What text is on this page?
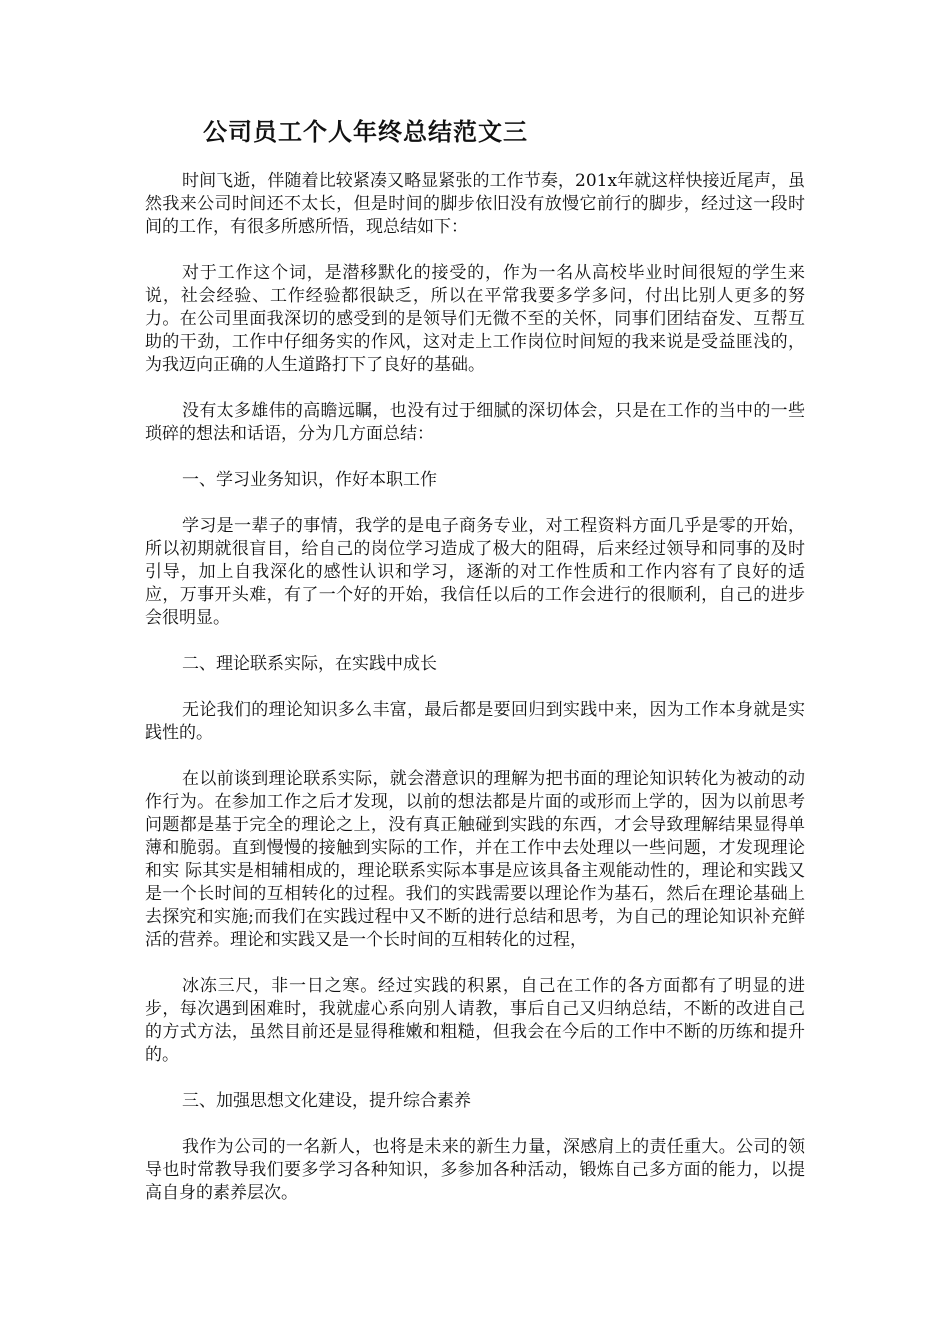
公司员工个人年终总结范文三

时间飞逝，伴随着比较紧凑又略显紧张的工作节奏，201x年就这样快接近尾声，虽然我来公司时间还不太长，但是时间的脚步依旧没有放慢它前行的脚步，经过这一段时间的工作，有很多所感所悟，现总结如下：

对于工作这个词，是潜移默化的接受的，作为一名从高校毕业时间很短的学生来说，社会经验、工作经验都很缺乏，所以在平常我要多学多问，付出比别人更多的努力。在公司里面我深切的感受到的是领导们无微不至的关怀，同事们团结奋发、互帮互助的干劲，工作中仔细务实的作风，这对走上工作岗位时间短的我来说是受益匪浅的，为我迈向正确的人生道路打下了良好的基础。

没有太多雄伟的高瞻远瞩，也没有过于细腻的深切体会，只是在工作的当中的一些琐碎的想法和话语，分为几方面总结：

一、学习业务知识，作好本职工作

学习是一辈子的事情，我学的是电子商务专业，对工程资料方面几乎是零的开始，所以初期就很盲目，给自己的岗位学习造成了极大的阻碍，后来经过领导和同事的及时引导，加上自我深化的感性认识和学习，逐渐的对工作性质和工作内容有了良好的适应，万事开头难，有了一个好的开始，我信任以后的工作会进行的很顺利，自己的进步会很明显。

二、理论联系实际，在实践中成长

无论我们的理论知识多么丰富，最后都是要回归到实践中来，因为工作本身就是实践性的。

在以前谈到理论联系实际，就会潜意识的理解为把书面的理论知识转化为被动的动作行为。在参加工作之后才发现，以前的想法都是片面的或形而上学的，因为以前思考问题都是基于完全的理论之上，没有真正触碰到实践的东西，才会导致理解结果显得单薄和脆弱。直到慢慢的接触到实际的工作，并在工作中去处理以一些问题，才发现理论和实 际其实是相辅相成的，理论联系实际本事是应该具备主观能动性的，理论和实践又是一个长时间的互相转化的过程。我们的实践需要以理论作为基石，然后在理论基础上去探究和实施;而我们在实践过程中又不断的进行总结和思考，为自己的理论知识补充鲜活的营养。理论和实践又是一个长时间的互相转化的过程，

冰冻三尺，非一日之寒。经过实践的积累，自己在工作的各方面都有了明显的进步，每次遇到困难时，我就虚心系向别人请教，事后自己又归纳总结，不断的改进自己的方式方法，虽然目前还是显得稚嫩和粗糙，但我会在今后的工作中不断的历练和提升的。

三、加强思想文化建设，提升综合素养

我作为公司的一名新人，也将是未来的新生力量，深感肩上的责任重大。公司的领导也时常教导我们要多学习各种知识，多参加各种活动，锻炼自己多方面的能力，以提高自身的素养层次。
